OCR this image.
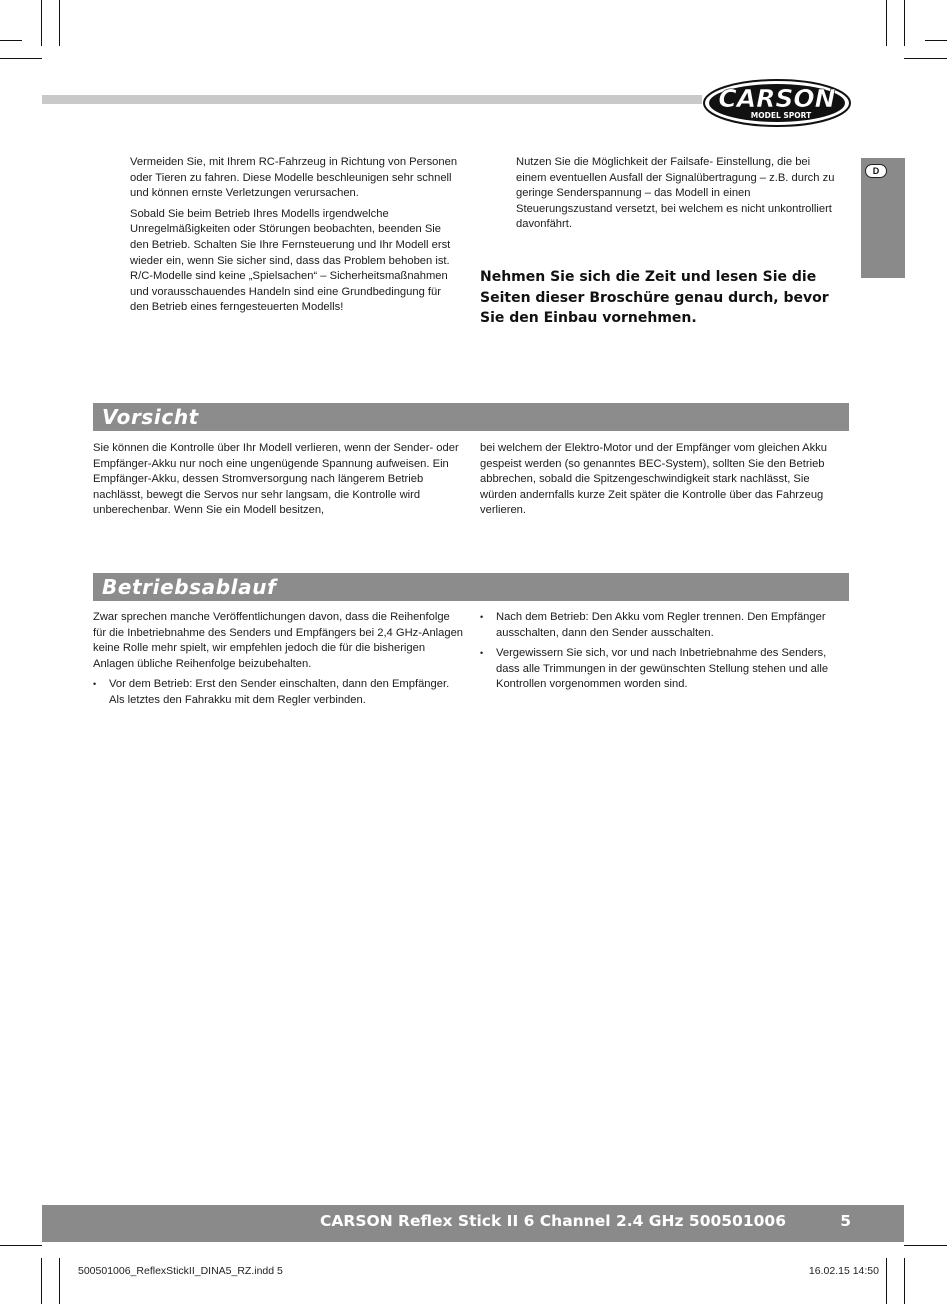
CARSON
MODEL SPORT
D

Vermeiden Sie, mit Ihrem RC-Fahrzeug in Richtung von Personen oder Tieren zu fahren. Diese Modelle beschleunigen sehr schnell und können ernste Verletzungen verursachen.

Sobald Sie beim Betrieb Ihres Modells irgendwelche Unregelmäßigkeiten oder Störungen beobachten, beenden Sie den Betrieb. Schalten Sie Ihre Fernsteuerung und Ihr Modell erst wieder ein, wenn Sie sicher sind, dass das Problem behoben ist. R/C-Modelle sind keine „Spielsachen“ – Sicherheitsmaßnahmen und vorausschauendes Handeln sind eine Grundbedingung für den Betrieb eines ferngesteuerten Modells!

Nutzen Sie die Möglichkeit der Failsafe- Einstellung, die bei einem eventuellen Ausfall der Signalübertragung – z.B. durch zu geringe Senderspannung – das Modell in einen Steuerungszustand versetzt, bei welchem es nicht unkontrolliert davonfährt.

Nehmen Sie sich die Zeit und lesen Sie die Seiten dieser Broschüre genau durch, bevor Sie den Einbau vornehmen.
Vorsicht
Sie können die Kontrolle über Ihr Modell verlieren, wenn der Sender- oder Empfänger-Akku nur noch eine ungenügende Spannung aufweisen. Ein Empfänger-Akku, dessen Stromversorgung nach längerem Betrieb nachlässt, bewegt die Servos nur sehr langsam, die Kontrolle wird unberechenbar. Wenn Sie ein Modell besitzen,
bei welchem der Elektro-Motor und der Empfänger vom gleichen Akku gespeist werden (so genanntes BEC-System), sollten Sie den Betrieb abbrechen, sobald die Spitzengeschwindigkeit stark nachlässt, Sie würden andernfalls kurze Zeit später die Kontrolle über das Fahrzeug verlieren.
Betriebsablauf

Zwar sprechen manche Veröffentlichungen davon, dass die Reihenfolge für die Inbetriebnahme des Senders und Empfängers bei 2,4 GHz-Anlagen keine Rolle mehr spielt, wir empfehlen jedoch die für die bisherigen Anlagen übliche Reihenfolge beizubehalten.

• Vor dem Betrieb: Erst den Sender einschalten, dann den Empfänger. Als letztes den Fahrakku mit dem Regler verbinden.
• Nach dem Betrieb: Den Akku vom Regler trennen. Den Empfänger ausschalten, dann den Sender ausschalten.
• Vergewissern Sie sich, vor und nach Inbetriebnahme des Senders, dass alle Trimmungen in der gewünschten Stellung stehen und alle Kontrollen vorgenommen worden sind.
CARSON Reflex Stick II 6 Channel 2.4 GHz 500501006	5
500501006_ReflexStickII_DINA5_RZ.indd 5	16.02.15 14:50
